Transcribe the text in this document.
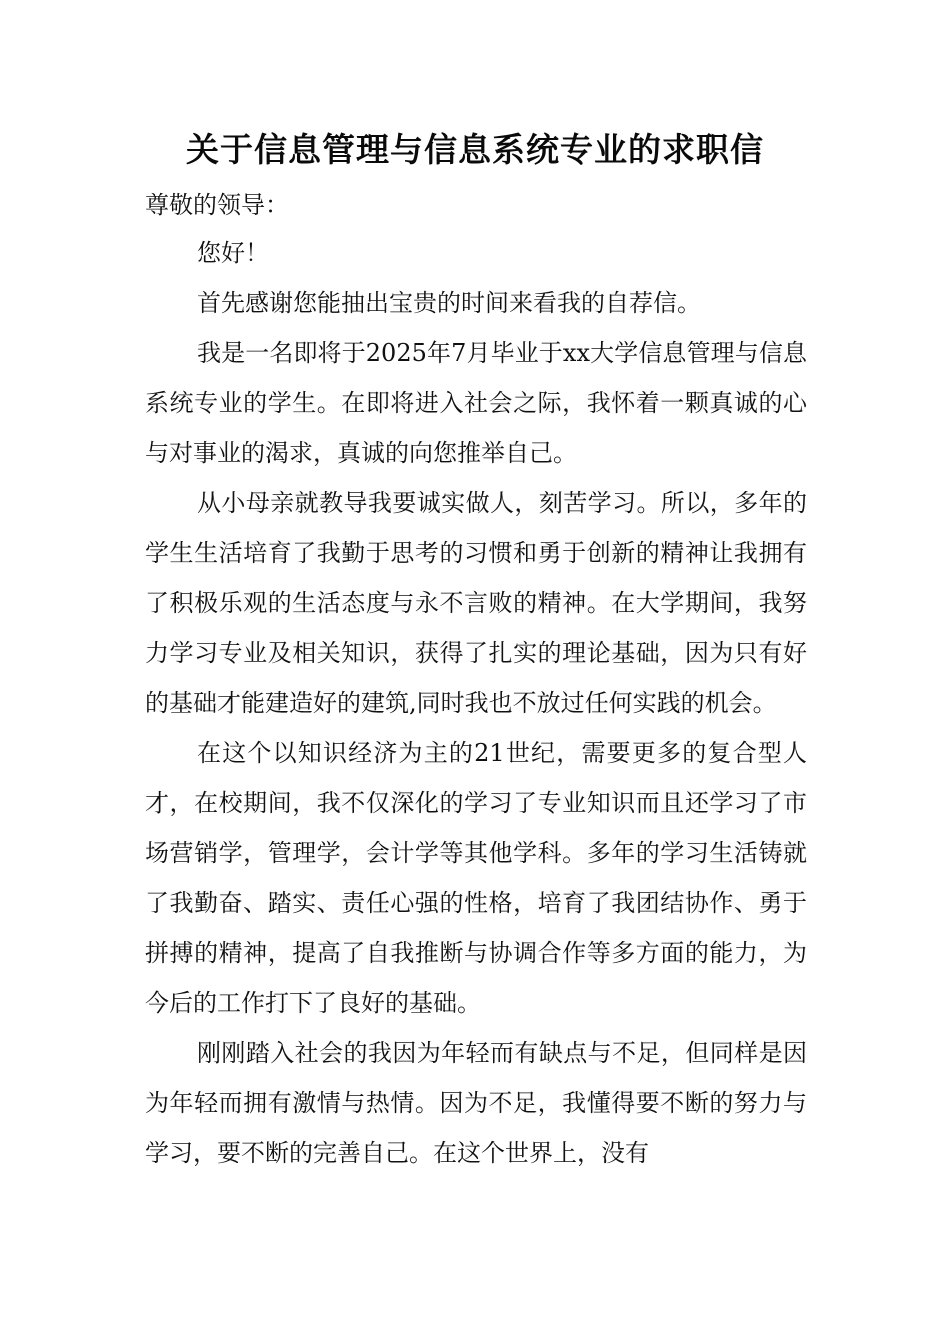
关于信息管理与信息系统专业的求职信
尊敬的领导：

您好！

首先感谢您能抽出宝贵的时间来看我的自荐信。

我是一名即将于2025年7月毕业于xx大学信息管理与信息系统专业的学生。在即将进入社会之际，我怀着一颗真诚的心与对事业的渴求，真诚的向您推举自己。

从小母亲就教导我要诚实做人，刻苦学习。所以，多年的学生生活培育了我勤于思考的习惯和勇于创新的精神让我拥有了积极乐观的生活态度与永不言败的精神。在大学期间，我努力学习专业及相关知识，获得了扎实的理论基础，因为只有好的基础才能建造好的建筑,同时我也不放过任何实践的机会。

在这个以知识经济为主的21世纪，需要更多的复合型人才，在校期间，我不仅深化的学习了专业知识而且还学习了市场营销学，管理学，会计学等其他学科。多年的学习生活铸就了我勤奋、踏实、责任心强的性格，培育了我团结协作、勇于拼搏的精神，提高了自我推断与协调合作等多方面的能力，为今后的工作打下了良好的基础。

刚刚踏入社会的我因为年轻而有缺点与不足，但同样是因为年轻而拥有激情与热情。因为不足，我懂得要不断的努力与学习，要不断的完善自己。在这个世界上，没有
